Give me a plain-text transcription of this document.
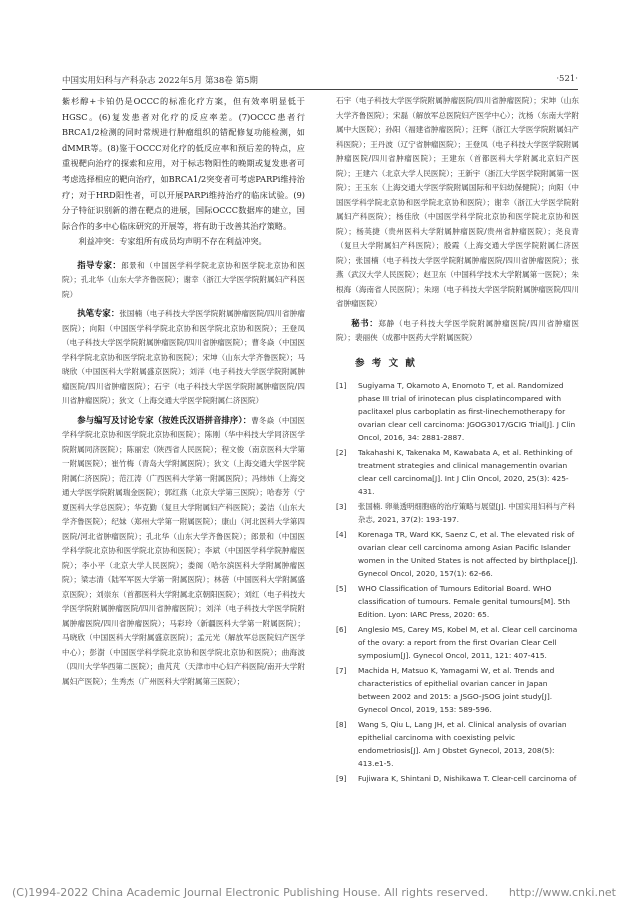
中国实用妇科与产科杂志 2022年5月 第38卷 第5期	·521·

紫杉醇+卡铂仍是OCCC的标准化疗方案，但有效率明显低于HGSC。(6)复发患者对化疗的反应率差。(7)OCCC患者行BRCA1/2检测的同时常规进行肿瘤组织的错配修复功能检测，如dMMR等。(8)鉴于OCCC对化疗的低反应率和预后差的特点，应重视靶向治疗的探索和应用，对于标志物阳性的晚期或复发患者可考虑选择相应的靶向治疗，如BRCA1/2突变者可考虑PARPi维持治疗；对于HRD阳性者，可以开展PARPi维持治疗的临床试验。(9)分子特征识别新的潜在靶点的进展，国际OCCC数据库的建立，国际合作的多中心临床研究的开展等，将有助于改善其治疗策略。

利益冲突：专家组所有成员均声明不存在利益冲突。

指导专家：郎景和（中国医学科学院北京协和医学院北京协和医院）；孔北华（山东大学齐鲁医院）；谢幸（浙江大学医学院附属妇产科医院）

执笔专家：张国楠（电子科技大学医学院附属肿瘤医院/四川省肿瘤医院）；向阳（中国医学科学院北京协和医学院北京协和医院）；王登凤（电子科技大学医学院附属肿瘤医院/四川省肿瘤医院）；曹冬焱（中国医学科学院北京协和医学院北京协和医院）；宋坤（山东大学齐鲁医院）；马晓欣（中国医科大学附属盛京医院）；刘洋（电子科技大学医学院附属肿瘤医院/四川省肿瘤医院）；石宇（电子科技大学医学院附属肿瘤医院/四川省肿瘤医院）；狄文（上海交通大学医学院附属仁济医院）

参与编写及讨论专家（按姓氏汉语拼音排序）：曹冬焱（中国医学科学院北京协和医学院北京协和医院）；陈刚（华中科技大学同济医学院附属同济医院）；陈丽宏（陕西省人民医院）；程文俊（南京医科大学第一附属医院）；崔竹梅（青岛大学附属医院）；狄文（上海交通大学医学院附属仁济医院）；范江涛（广西医科大学第一附属医院）；冯炜炜（上海交通大学医学院附属瑞金医院）；郭红燕（北京大学第三医院）；哈春芳（宁夏医科大学总医院）；华克勤（复旦大学附属妇产科医院）；姜洁（山东大学齐鲁医院）；纪妹（郑州大学第一附属医院）；康山（河北医科大学第四医院/河北省肿瘤医院）；孔北华（山东大学齐鲁医院）；郎景和（中国医学科学院北京协和医学院北京协和医院）；李斌（中国医学科学院肿瘤医院）；李小平（北京大学人民医院）；娄阁（哈尔滨医科大学附属肿瘤医院）；梁志清（陆军军医大学第一附属医院）；林蓓（中国医科大学附属盛京医院）；刘崇东（首都医科大学附属北京朝阳医院）；刘红（电子科技大学医学院附属肿瘤医院/四川省肿瘤医院）；刘洋（电子科技大学医学院附属肿瘤医院/四川省肿瘤医院）；马彩玲（新疆医科大学第一附属医院）；马晓欣（中国医科大学附属盛京医院）；孟元光（解放军总医院妇产医学中心）；彭澍（中国医学科学院北京协和医学院北京协和医院）；曲海波（四川大学华西第二医院）；曲芃芃（天津市中心妇产科医院/南开大学附属妇产医院）；生秀杰（广州医科大学附属第三医院）；

石宇（电子科技大学医学院附属肿瘤医院/四川省肿瘤医院）；宋坤（山东大学齐鲁医院）；宋磊（解放军总医院妇产医学中心）；沈杨（东南大学附属中大医院）；孙阳（福建省肿瘤医院）；汪辉（浙江大学医学院附属妇产科医院）；王丹波（辽宁省肿瘤医院）；王登凤（电子科技大学医学院附属肿瘤医院/四川省肿瘤医院）；王建东（首都医科大学附属北京妇产医院）；王建六（北京大学人民医院）；王新宇（浙江大学医学院附属第一医院）；王玉东（上海交通大学医学院附属国际和平妇幼保健院）；向阳（中国医学科学院北京协和医学院北京协和医院）；谢幸（浙江大学医学院附属妇产科医院）；杨佳欣（中国医学科学院北京协和医学院北京协和医院）；杨英捷（贵州医科大学附属肿瘤医院/贵州省肿瘤医院）；尧良青（复旦大学附属妇产科医院）；殷霞（上海交通大学医学院附属仁济医院）；张国楠（电子科技大学医学院附属肿瘤医院/四川省肿瘤医院）；张燕（武汉大学人民医院）；赵卫东（中国科学技术大学附属第一医院）；朱根海（海南省人民医院）；朱翊（电子科技大学医学院附属肿瘤医院/四川省肿瘤医院）

秘书：郑静（电子科技大学医学院附属肿瘤医院/四川省肿瘤医院）；裴丽侠（成都中医药大学附属医院）

参 考 文 献
[1]	Sugiyama T, Okamoto A, Enomoto T, et al. Randomized phase III trial of irinotecan plus cisplatincompared with paclitaxel plus carboplatin as first-linechemotherapy for ovarian clear cell carcinoma: JGOG3017/GCIG Trial[J]. J Clin Oncol, 2016, 34: 2881-2887.
[2]	Takahashi K, Takenaka M, Kawabata A, et al. Rethinking of treatment strategies and clinical managementin ovarian clear cell carcinoma[J]. Int J Clin Oncol, 2020, 25(3): 425-431.
[3]	张国楠. 卵巢透明细胞癌的治疗策略与展望[J]. 中国实用妇科与产科杂志, 2021, 37(2): 193-197.
[4]	Korenaga TR, Ward KK, Saenz C, et al. The elevated risk of ovarian clear cell carcinoma among Asian Pacific Islander women in the United States is not affected by birthplace[J]. Gynecol Oncol, 2020, 157(1): 62-66.
[5]	WHO Classification of Tumours Editorial Board. WHO classification of tumours. Female genital tumours[M]. 5th Edition. Lyon: IARC Press, 2020: 65.
[6]	Anglesio MS, Carey MS, Kobel M, et al. Clear cell carcinoma of the ovary: a report from the first Ovarian Clear Cell symposium[J]. Gynecol Oncol, 2011, 121: 407-415.
[7]	Machida H, Matsuo K, Yamagami W, et al. Trends and characteristics of epithelial ovarian cancer in Japan between 2002 and 2015: a JSGO-JSOG joint study[J]. Gynecol Oncol, 2019, 153: 589-596.
[8]	Wang S, Qiu L, Lang JH, et al. Clinical analysis of ovarian epithelial carcinoma with coexisting pelvic endometriosis[J]. Am J Obstet Gynecol, 2013, 208(5): 413.e1-5.
[9]	Fujiwara K, Shintani D, Nishikawa T. Clear-cell carcinoma of
(C)1994-2022 China Academic Journal Electronic Publishing House. All rights reserved. http://www.cnki.net
